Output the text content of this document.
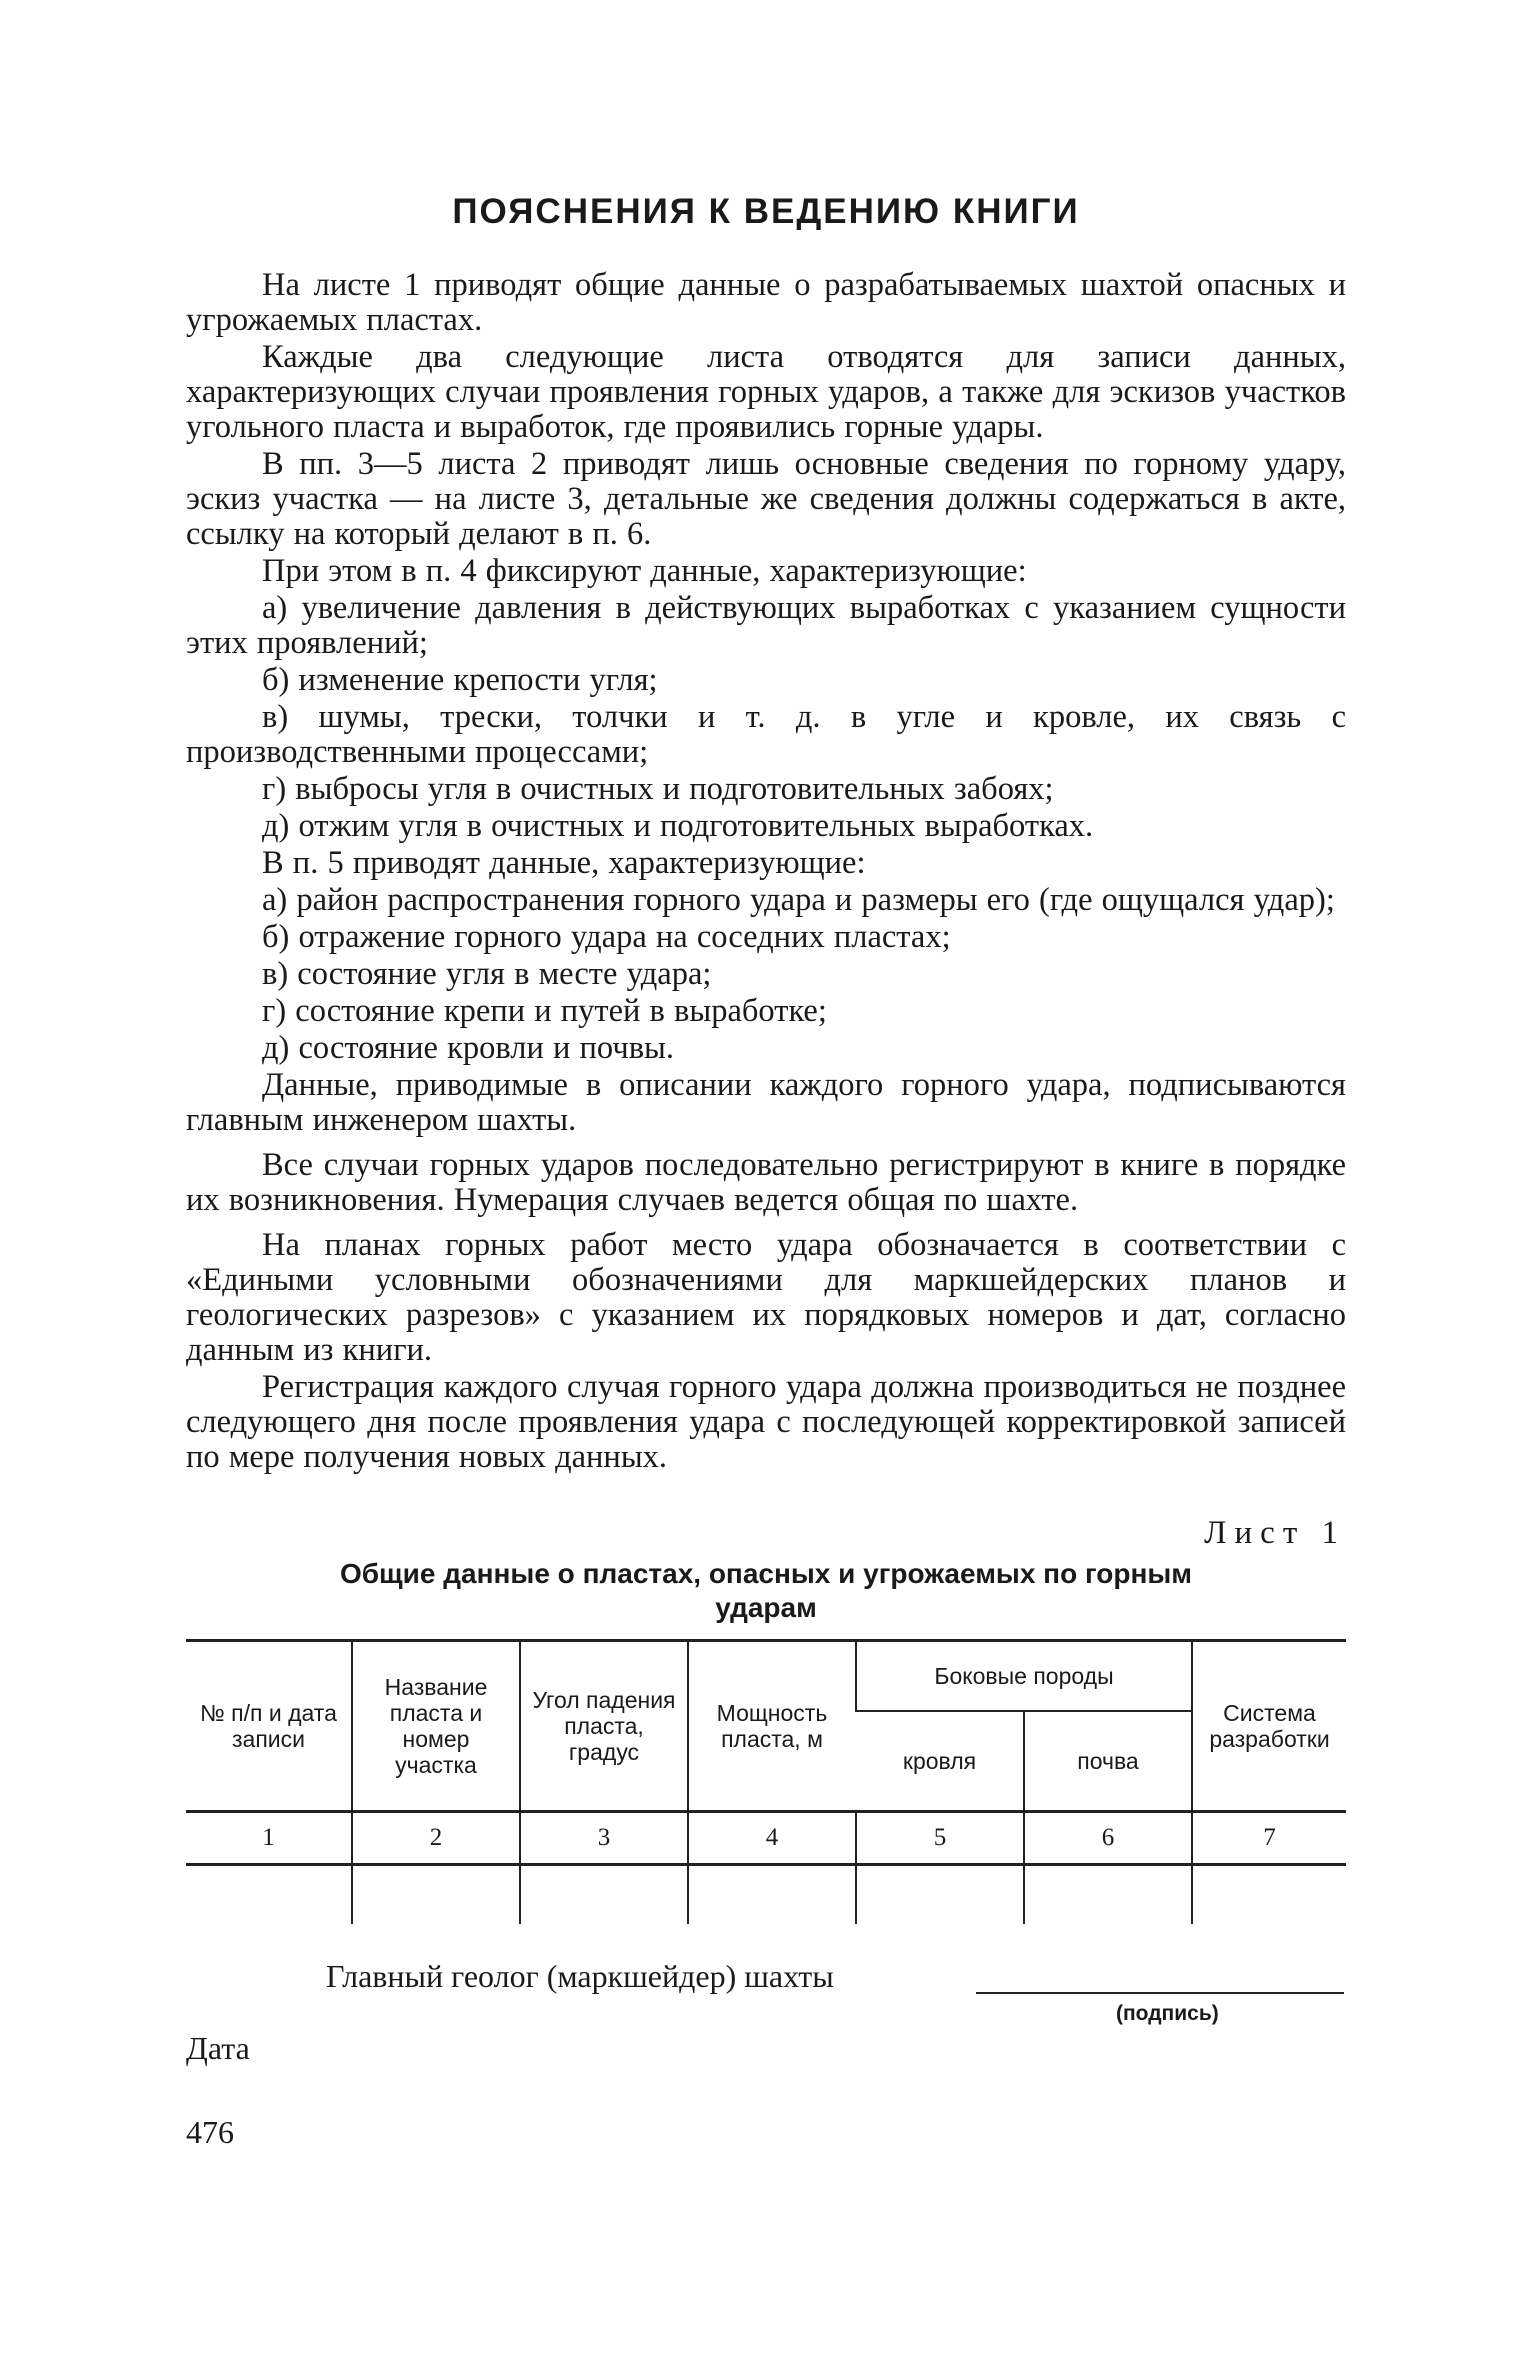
ПОЯСНЕНИЯ К ВЕДЕНИЮ КНИГИ

На листе 1 приводят общие данные о разрабатываемых шахтой опасных и угрожаемых пластах.

Каждые два следующие листа отводятся для записи данных, характеризующих случаи проявления горных ударов, а также для эскизов участков угольного пласта и выработок, где проявились горные удары.

В пп. 3—5 листа 2 приводят лишь основные сведения по горному удару, эскиз участка — на листе 3, детальные же сведения должны содержаться в акте, ссылку на который делают в п. 6.

При этом в п. 4 фиксируют данные, характеризующие:

а) увеличение давления в действующих выработках с указанием сущности этих проявлений;

б) изменение крепости угля;

в) шумы, трески, толчки и т. д. в угле и кровле, их связь с производственными процессами;

г) выбросы угля в очистных и подготовительных забоях;

д) отжим угля в очистных и подготовительных выработках.

В п. 5 приводят данные, характеризующие:

а) район распространения горного удара и размеры его (где ощущался удар);

б) отражение горного удара на соседних пластах;

в) состояние угля в месте удара;

г) состояние крепи и путей в выработке;

д) состояние кровли и почвы.

Данные, приводимые в описании каждого горного удара, подписываются главным инженером шахты.

Все случаи горных ударов последовательно регистрируют в книге в порядке их возникновения. Нумерация случаев ведется общая по шахте.

На планах горных работ место удара обозначается в соответствии с «Едиными условными обозначениями для маркшейдерских планов и геологических разрезов» с указанием их порядковых номеров и дат, согласно данным из книги.

Регистрация каждого случая горного удара должна производиться не позднее следующего дня после проявления удара с последующей корректировкой записей по мере получения новых данных.

Лист 1
Общие данные о пластах, опасных и угрожаемых по горным ударам
№ п/п и дата записи	Название пласта и номер участка	Угол падения пласта, градус	Мощность пласта, м	Боковые породы		Система разработки
				кровля	почва	
1	2	3	4	5	6	7

Главный геолог (маркшейдер) шахты
(подпись)
Дата
476
